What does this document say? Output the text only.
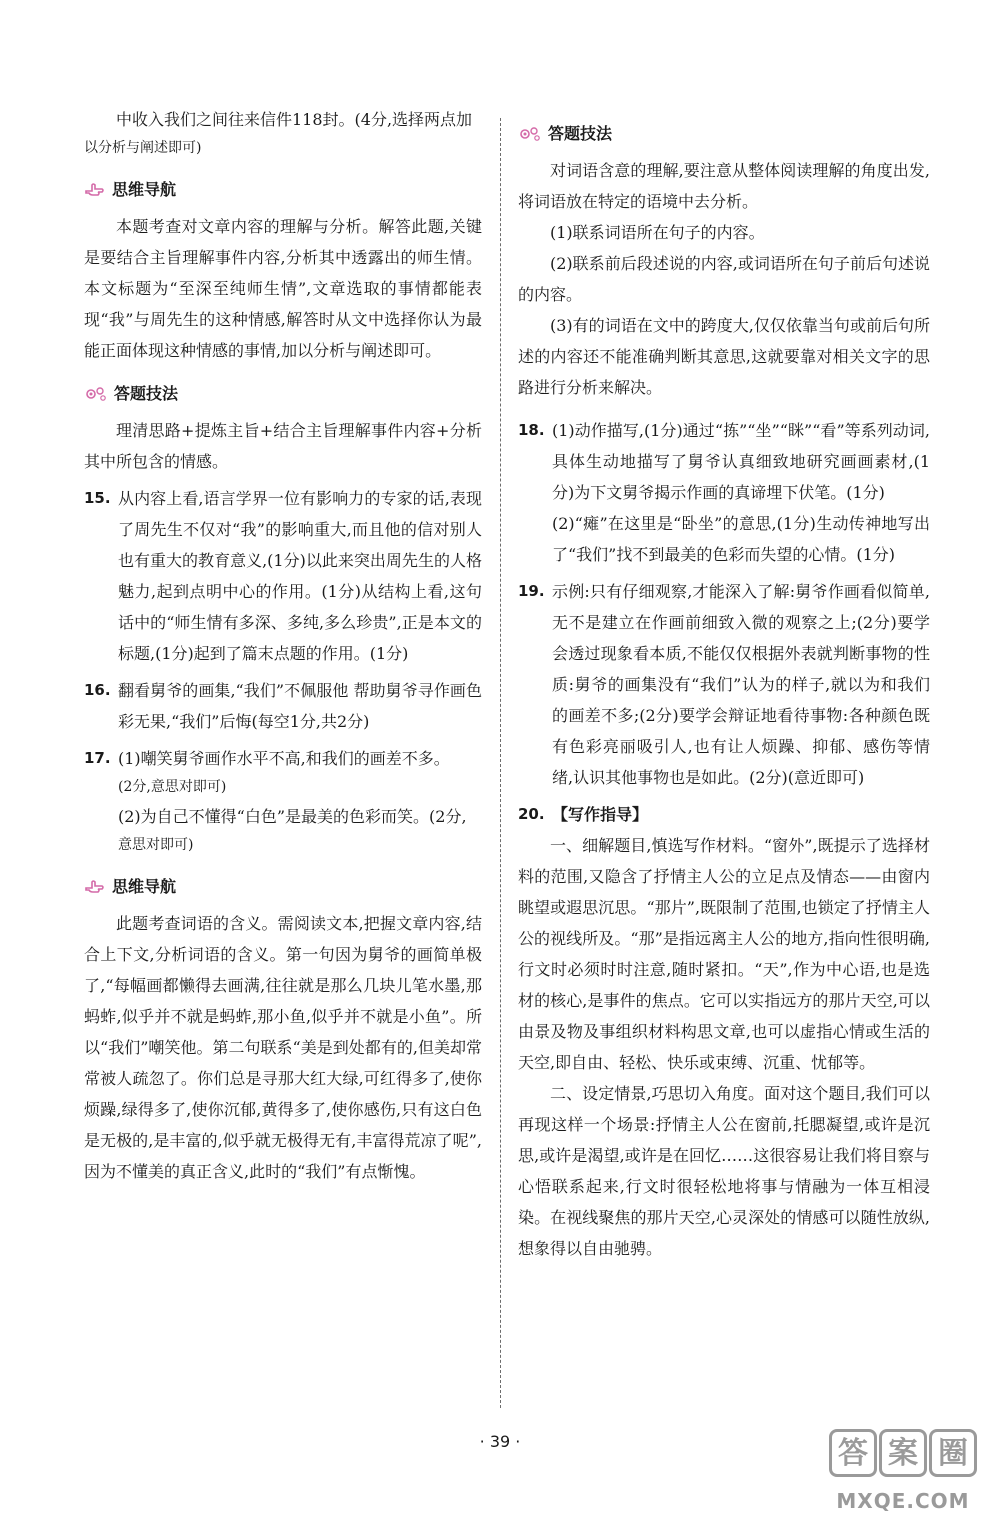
中收入我们之间往来信件118封。(4分,选择两点加

以分析与阐述即可)

思维导航

本题考查对文章内容的理解与分析。解答此题,关键是要结合主旨理解事件内容,分析其中透露出的师生情。本文标题为“至深至纯师生情”,文章选取的事情都能表现“我”与周先生的这种情感,解答时从文中选择你认为最能正面体现这种情感的事情,加以分析与阐述即可。

答题技法

理清思路+提炼主旨+结合主旨理解事件内容+分析其中所包含的情感。

15. 从内容上看,语言学界一位有影响力的专家的话,表现了周先生不仅对“我”的影响重大,而且他的信对别人也有重大的教育意义,(1分)以此来突出周先生的人格魅力,起到点明中心的作用。(1分)从结构上看,这句话中的“师生情有多深、多纯,多么珍贵”,正是本文的标题,(1分)起到了篇末点题的作用。(1分)
16. 翻看舅爷的画集,“我们”不佩服他 帮助舅爷寻作画色彩无果,“我们”后悔(每空1分,共2分)
17. (1)嘲笑舅爷画作水平不高,和我们的画差不多。

(2分,意思对即可)

(2)为自己不懂得“白色”是最美的色彩而笑。(2分,

意思对即可)

思维导航

此题考查词语的含义。需阅读文本,把握文章内容,结合上下文,分析词语的含义。第一句因为舅爷的画简单极了,“每幅画都懒得去画满,往往就是那么几块儿笔水墨,那蚂蚱,似乎并不就是蚂蚱,那小鱼,似乎并不就是小鱼”。所以“我们”嘲笑他。第二句联系“美是到处都有的,但美却常常被人疏忽了。你们总是寻那大红大绿,可红得多了,使你烦躁,绿得多了,使你沉郁,黄得多了,使你感伤,只有这白色是无极的,是丰富的,似乎就无极得无有,丰富得荒凉了呢”,因为不懂美的真正含义,此时的“我们”有点惭愧。

答题技法

对词语含意的理解,要注意从整体阅读理解的角度出发,将词语放在特定的语境中去分析。

(1)联系词语所在句子的内容。

(2)联系前后段述说的内容,或词语所在句子前后句述说的内容。

(3)有的词语在文中的跨度大,仅仅依靠当句或前后句所述的内容还不能准确判断其意思,这就要靠对相关文字的思路进行分析来解决。

18. (1)动作描写,(1分)通过“拣”“坐”“眯”“看”等系列动词,具体生动地描写了舅爷认真细致地研究画画素材,(1分)为下文舅爷揭示作画的真谛埋下伏笔。(1分)

(2)“瘫”在这里是“卧坐”的意思,(1分)生动传神地写出了“我们”找不到最美的色彩而失望的心情。(1分)

19. 示例:只有仔细观察,才能深入了解:舅爷作画看似简单,无不是建立在作画前细致入微的观察之上;(2分)要学会透过现象看本质,不能仅仅根据外表就判断事物的性质:舅爷的画集没有“我们”认为的样子,就以为和我们的画差不多;(2分)要学会辩证地看待事物:各种颜色既有色彩亮丽吸引人,也有让人烦躁、抑郁、感伤等情绪,认识其他事物也是如此。(2分)(意近即可)
20. 【写作指导】

一、细解题目,慎选写作材料。“窗外”,既提示了选择材料的范围,又隐含了抒情主人公的立足点及情态——由窗内眺望或遐思沉思。“那片”,既限制了范围,也锁定了抒情主人公的视线所及。“那”是指远离主人公的地方,指向性很明确,行文时必须时时注意,随时紧扣。“天”,作为中心语,也是选材的核心,是事件的焦点。它可以实指远方的那片天空,可以由景及物及事组织材料构思文章,也可以虚指心情或生活的天空,即自由、轻松、快乐或束缚、沉重、忧郁等。

二、设定情景,巧思切入角度。面对这个题目,我们可以再现这样一个场景:抒情主人公在窗前,托腮凝望,或许是沉思,或许是渴望,或许是在回忆……这很容易让我们将目察与心悟联系起来,行文时很轻松地将事与情融为一体互相浸染。在视线聚焦的那片天空,心灵深处的情感可以随性放纵,想象得以自由驰骋。

· 39 ·	答 案 圈
MXQE.COM
